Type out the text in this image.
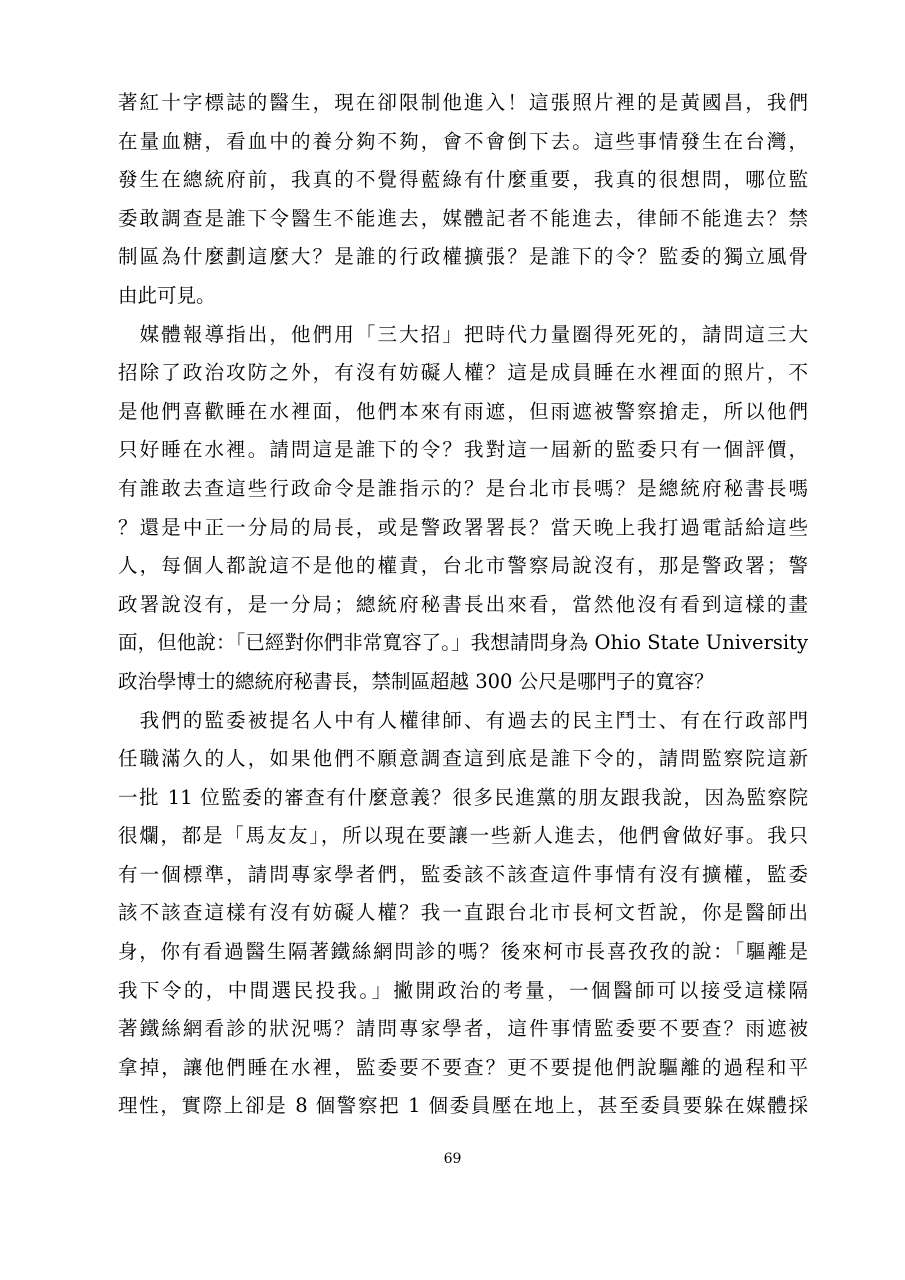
著紅十字標誌的醫生，現在卻限制他進入！這張照片裡的是黃國昌，我們
在量血糖，看血中的養分夠不夠，會不會倒下去。這些事情發生在台灣，
發生在總統府前，我真的不覺得藍綠有什麼重要，我真的很想問，哪位監
委敢調查是誰下令醫生不能進去，媒體記者不能進去，律師不能進去？禁
制區為什麼劃這麼大？是誰的行政權擴張？是誰下的令？監委的獨立風骨
由此可見。
　媒體報導指出，他們用「三大招」把時代力量圈得死死的，請問這三大
招除了政治攻防之外，有沒有妨礙人權？這是成員睡在水裡面的照片，不
是他們喜歡睡在水裡面，他們本來有雨遮，但雨遮被警察搶走，所以他們
只好睡在水裡。請問這是誰下的令？我對這一屆新的監委只有一個評價，
有誰敢去查這些行政命令是誰指示的？是台北市長嗎？是總統府秘書長嗎
？還是中正一分局的局長，或是警政署署長？當天晚上我打過電話給這些
人，每個人都說這不是他的權責，台北市警察局說沒有，那是警政署；警
政署說沒有，是一分局；總統府秘書長出來看，當然他沒有看到這樣的畫
面，但他說：「已經對你們非常寬容了。」我想請問身為 Ohio State University
政治學博士的總統府秘書長，禁制區超越 300 公尺是哪門子的寬容？
　我們的監委被提名人中有人權律師、有過去的民主鬥士、有在行政部門
任職滿久的人，如果他們不願意調查這到底是誰下令的，請問監察院這新
一批 11 位監委的審查有什麼意義？很多民進黨的朋友跟我說，因為監察院
很爛，都是「馬友友」，所以現在要讓一些新人進去，他們會做好事。我只
有一個標準，請問專家學者們，監委該不該查這件事情有沒有擴權，監委
該不該查這樣有沒有妨礙人權？我一直跟台北市長柯文哲說，你是醫師出
身，你有看過醫生隔著鐵絲網問診的嗎？後來柯市長喜孜孜的說：「驅離是
我下令的，中間選民投我。」撇開政治的考量，一個醫師可以接受這樣隔
著鐵絲網看診的狀況嗎？請問專家學者，這件事情監委要不要查？雨遮被
拿掉，讓他們睡在水裡，監委要不要查？更不要提他們說驅離的過程和平
理性，實際上卻是 8 個警察把 1 個委員壓在地上，甚至委員要躲在媒體採
69
